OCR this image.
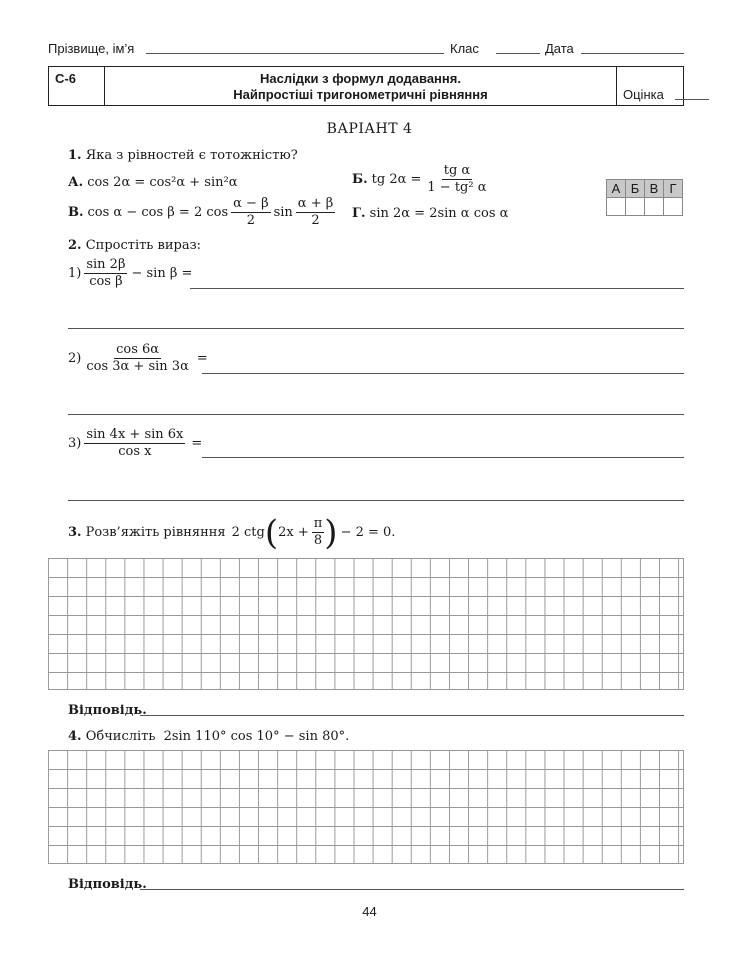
Прізвище, ім’я	Клас	Дата
С-6	Наслідки з формул додавання.
Найпростіші тригонометричні рівняння	Оцінка
ВАРІАНТ 4
1. Яка з рівностей є тотожністю?
А. cos 2α = cos²α + sin²α	Б. tg $2\alpha = \frac{\text{tg α}}{\text{1 − tg² α}}$
В. cos α − cos β = 2 $\cos \frac{\alpha - \beta}{2}$ $\sin \frac{\alpha + \beta}{2} Г$. sin 2α = 2sin α cos α
А	Б	В	Г

2. Спростіть вираз:
$1) \frac{\sin 2\beta}{\text{cos β}} - \sin \beta$ =
$2) \frac{\cos 6\alpha}{\cos 3\alpha + \sin 3\alpha}$ =
$3) \frac{\sin 4x + \sin 6x}{\text{cos x}}$ =
3. Розв’яжіть рівняння 2 ctg ( $2x + \frac{\pi}{8}$ ) − 2 = 0.
Відповідь.
4. Обчисліть 2sin 110° cos 10° − sin 80°.
Відповідь.
44
